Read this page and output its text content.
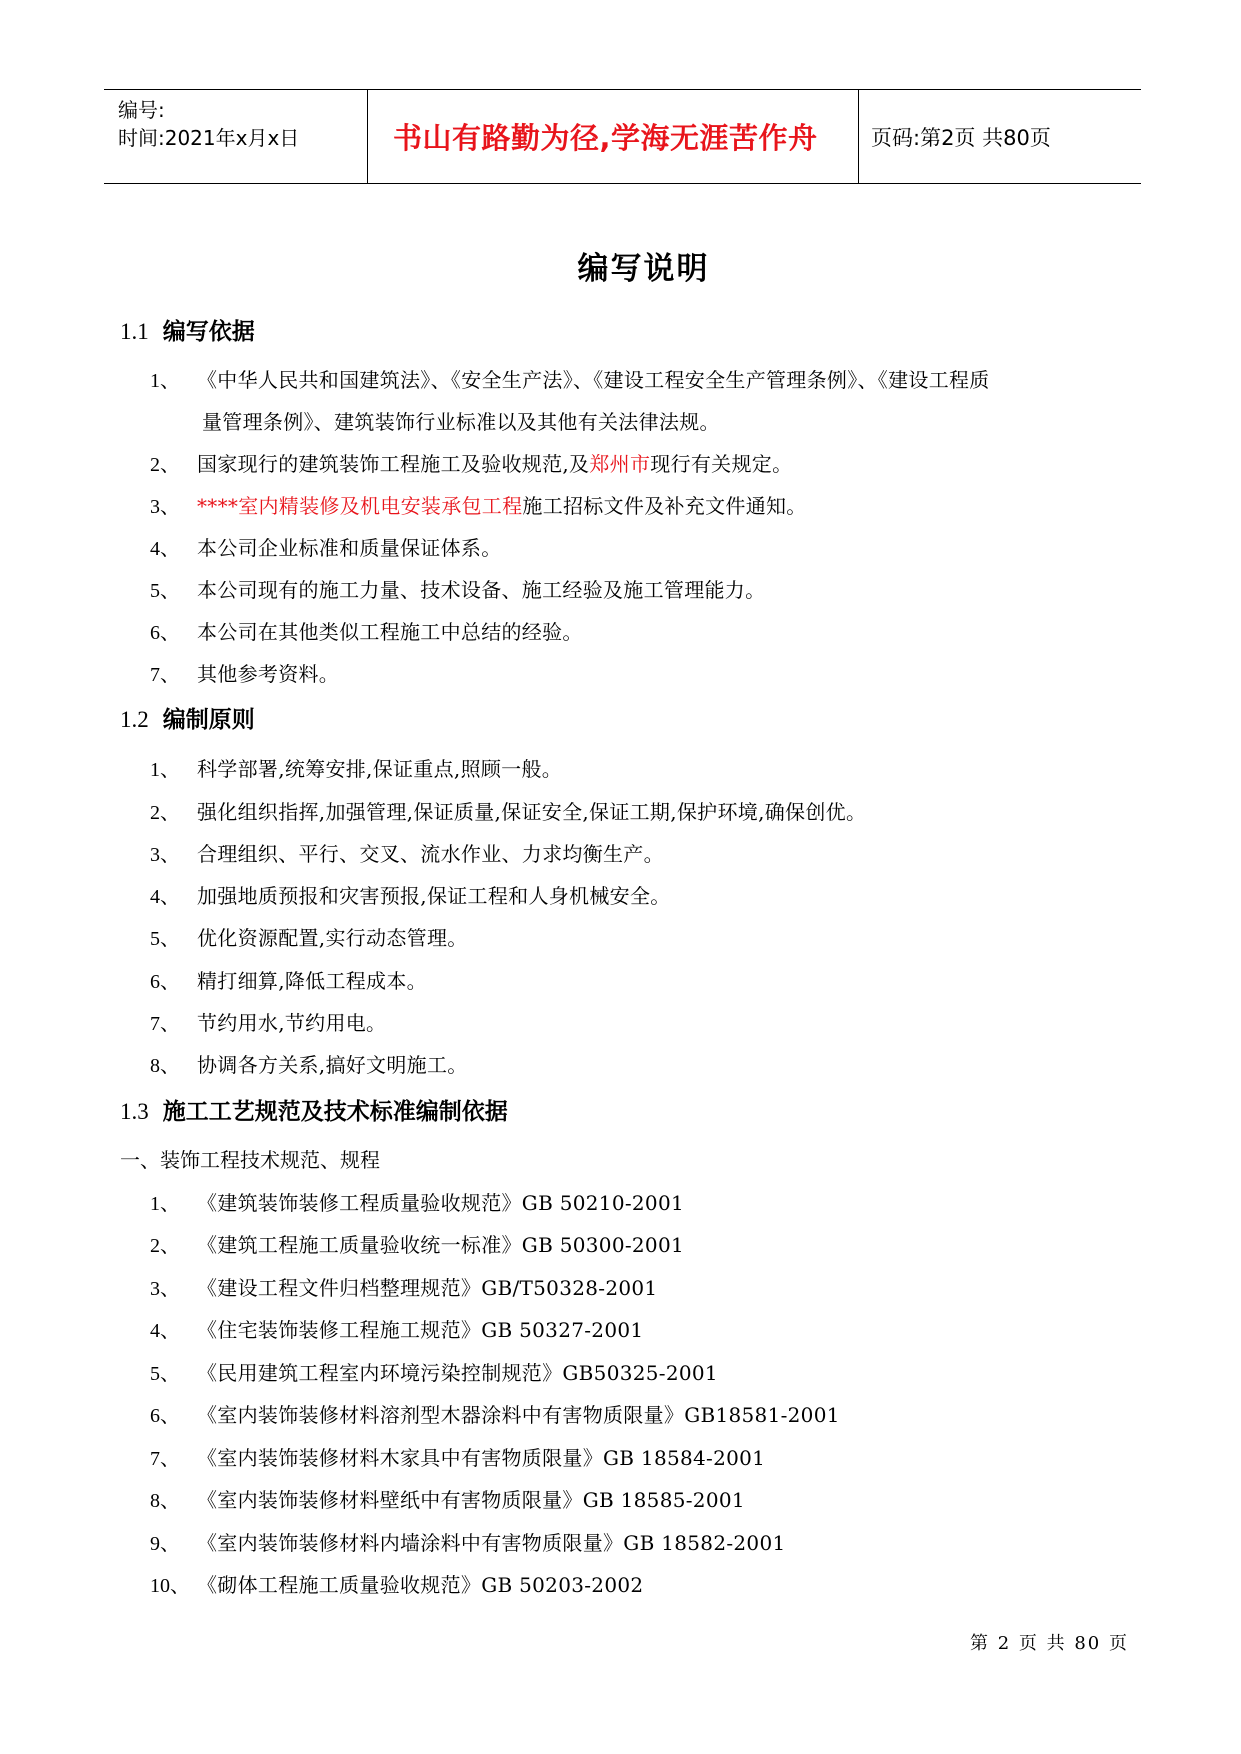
编号:
时间:2021年x月x日	书山有路勤为径,学海无涯苦作舟	页码:第2页 共80页
编写说明
1.1 编写依据
1、 《中华人民共和国建筑法》、《安全生产法》、《建设工程安全生产管理条例》、《建设工程质
量管理条例》、建筑装饰行业标准以及其他有关法律法规。
2、 国家现行的建筑装饰工程施工及验收规范,及郑州市现行有关规定。
3、 ****室内精装修及机电安装承包工程施工招标文件及补充文件通知。
4、 本公司企业标准和质量保证体系。
5、 本公司现有的施工力量、技术设备、施工经验及施工管理能力。
6、 本公司在其他类似工程施工中总结的经验。
7、 其他参考资料。
1.2 编制原则
1、 科学部署,统筹安排,保证重点,照顾一般。
2、 强化组织指挥,加强管理,保证质量,保证安全,保证工期,保护环境,确保创优。
3、 合理组织、平行、交叉、流水作业、力求均衡生产。
4、 加强地质预报和灾害预报,保证工程和人身机械安全。
5、 优化资源配置,实行动态管理。
6、 精打细算,降低工程成本。
7、 节约用水,节约用电。
8、 协调各方关系,搞好文明施工。
1.3 施工工艺规范及技术标准编制依据
一、装饰工程技术规范、规程
1、 《建筑装饰装修工程质量验收规范》GB 50210-2001
2、 《建筑工程施工质量验收统一标准》GB 50300-2001
3、 《建设工程文件归档整理规范》GB/T50328-2001
4、 《住宅装饰装修工程施工规范》GB 50327-2001
5、 《民用建筑工程室内环境污染控制规范》GB50325-2001
6、 《室内装饰装修材料溶剂型木器涂料中有害物质限量》GB18581-2001
7、 《室内装饰装修材料木家具中有害物质限量》GB 18584-2001
8、 《室内装饰装修材料壁纸中有害物质限量》GB 18585-2001
9、 《室内装饰装修材料内墙涂料中有害物质限量》GB 18582-2001
10、 《砌体工程施工质量验收规范》GB 50203-2002
第 2 页 共 80 页
